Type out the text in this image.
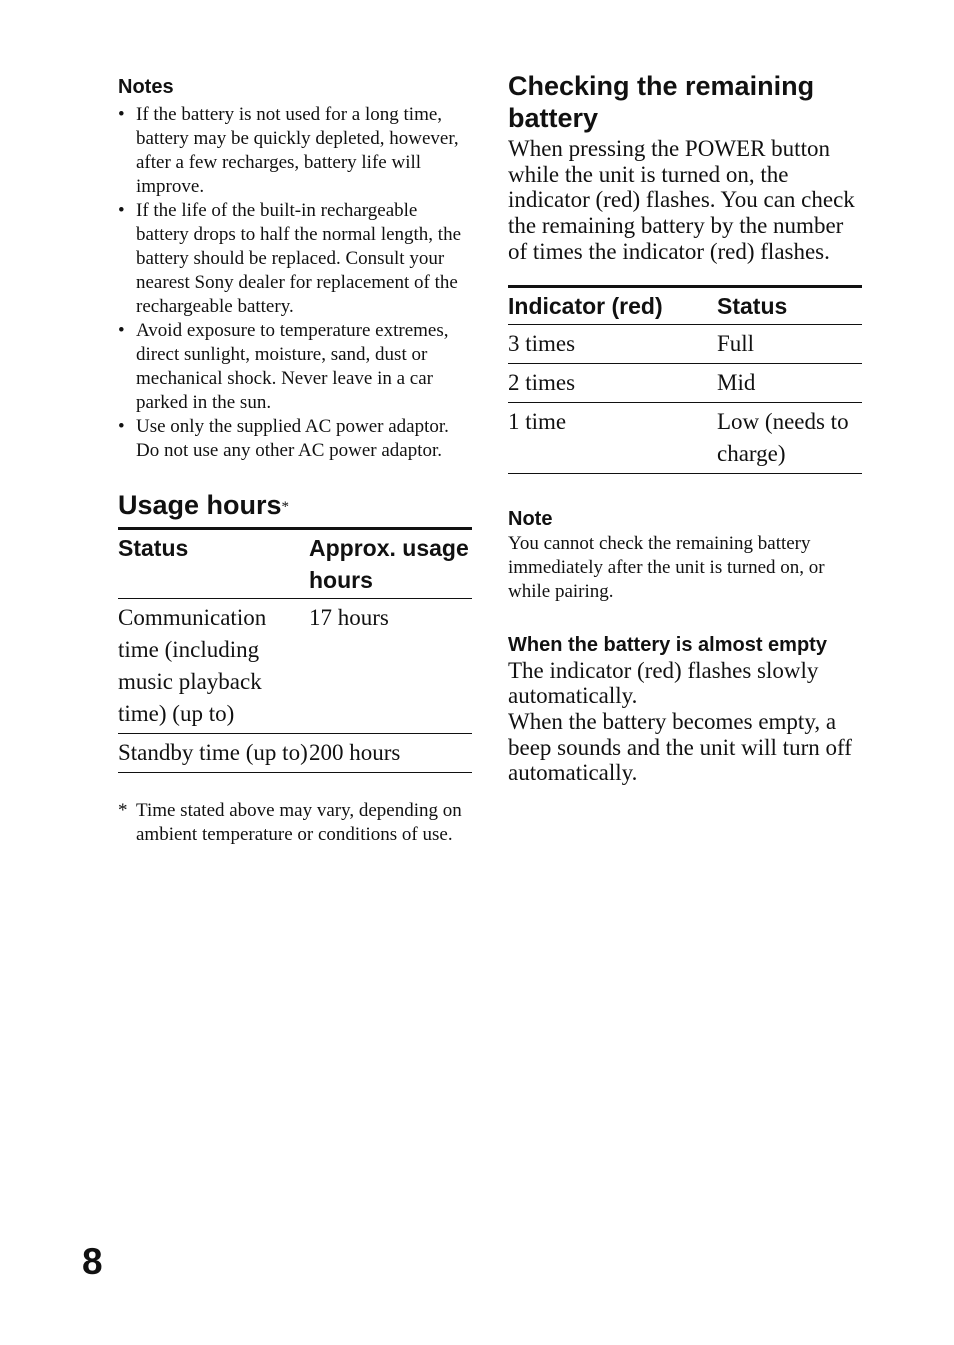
Notes
• If the battery is not used for a long time, battery may be quickly depleted, however, after a few recharges, battery life will improve.
• If the life of the built-in rechargeable battery drops to half the normal length, the battery should be replaced. Consult your nearest Sony dealer for replacement of the rechargeable battery.
• Avoid exposure to temperature extremes, direct sunlight, moisture, sand, dust or mechanical shock. Never leave in a car parked in the sun.
• Use only the supplied AC power adaptor. Do not use any other AC power adaptor.
Usage hours*
Status	Approx. usage hours
Communication time (including music playback time) (up to)	17 hours
Standby time (up to)	200 hours
* Time stated above may vary, depending on ambient temperature or conditions of use.
Checking the remaining battery

When pressing the POWER button while the unit is turned on, the indicator (red) flashes. You can check the remaining battery by the number of times the indicator (red) flashes.

Indicator (red)	Status
3 times	Full
2 times	Mid
1 time	Low (needs to charge)
Note

You cannot check the remaining battery immediately after the unit is turned on, or while pairing.

When the battery is almost empty

The indicator (red) flashes slowly automatically.

When the battery becomes empty, a beep sounds and the unit will turn off automatically.

8
